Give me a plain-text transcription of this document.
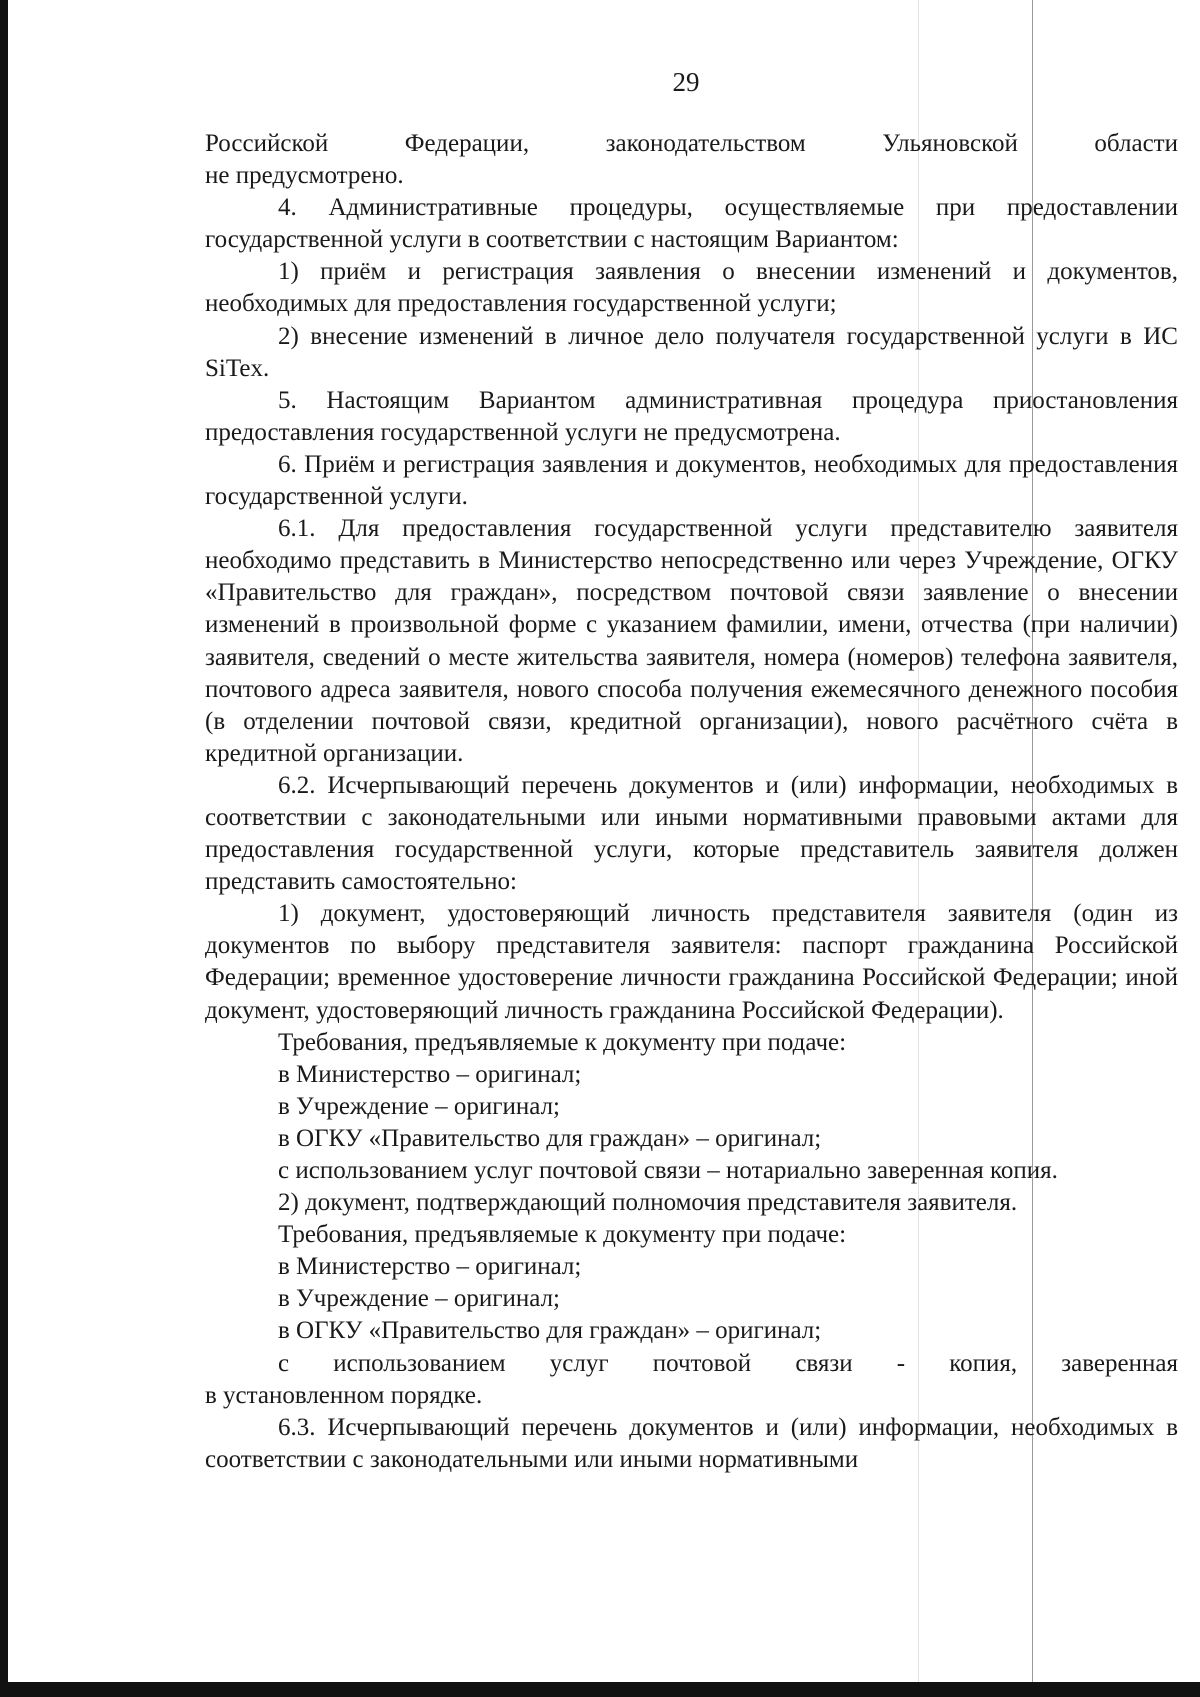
29
Российской	Федерации,	законодательством	Ульяновской	области

не предусмотрено.

4. Административные процедуры, осуществляемые при предоставлении государственной услуги в соответствии с настоящим Вариантом:

1) приём и регистрация заявления о внесении изменений и документов, необходимых для предоставления государственной услуги;

2) внесение изменений в личное дело получателя государственной услуги в ИС SiTex.

5. Настоящим Вариантом административная процедура приостановления предоставления государственной услуги не предусмотрена.

6. Приём и регистрация заявления и документов, необходимых для предоставления государственной услуги.

6.1. Для предоставления государственной услуги представителю заявителя необходимо представить в Министерство непосредственно или через Учреждение, ОГКУ «Правительство для граждан», посредством почтовой связи заявление о внесении изменений в произвольной форме с указанием фамилии, имени, отчества (при наличии) заявителя, сведений о месте жительства заявителя, номера (номеров) телефона заявителя, почтового адреса заявителя, нового способа получения ежемесячного денежного пособия (в отделении почтовой связи, кредитной организации), нового расчётного счёта в кредитной организации.

6.2. Исчерпывающий перечень документов и (или) информации, необходимых в соответствии с законодательными или иными нормативными правовыми актами для предоставления государственной услуги, которые представитель заявителя должен представить самостоятельно:

1) документ, удостоверяющий личность представителя заявителя (один из документов по выбору представителя заявителя: паспорт гражданина Российской Федерации; временное удостоверение личности гражданина Российской Федерации; иной документ, удостоверяющий личность гражданина Российской Федерации).

Требования, предъявляемые к документу при подаче:

в Министерство – оригинал;

в Учреждение – оригинал;

в ОГКУ «Правительство для граждан» – оригинал;

с использованием услуг почтовой связи – нотариально заверенная копия.

2) документ, подтверждающий полномочия представителя заявителя.

Требования, предъявляемые к документу при подаче:

в Министерство – оригинал;

в Учреждение – оригинал;

в ОГКУ «Правительство для граждан» – оригинал;

с использованием услуг почтовой связи - копия, заверенная

в установленном порядке.

6.3. Исчерпывающий перечень документов и (или) информации, необходимых в соответствии с законодательными или иными нормативными
